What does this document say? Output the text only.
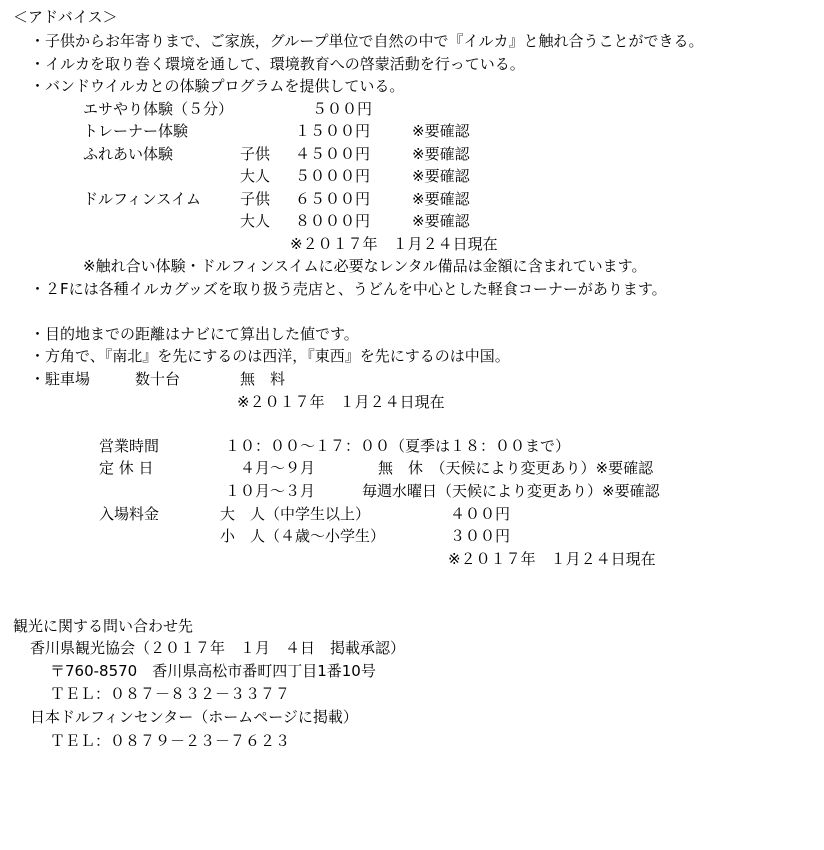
＜アドバイス＞
・子供からお年寄りまで、ご家族，グループ単位で自然の中で『イルカ』と触れ合うことができる。
・イルカを取り巻く環境を通して、環境教育への啓蒙活動を行っている。
・バンドウイルカとの体験プログラムを提供している。
エサやり体験（５分）	５００円
トレーナー体験	１５００円	※要確認
ふれあい体験	子供 ４５００円	※要確認
大人 ５０００円	※要確認
ドルフィンスイム	子供 ６５００円	※要確認
大人 ８０００円	※要確認
※２０１７年　１月２４日現在
※触れ合い体験・ドルフィンスイムに必要なレンタル備品は金額に含まれています。
・２Fには各種イルカグッズを取り扱う売店と、うどんを中心とした軽食コーナーがあります。
・目的地までの距離はナビにて算出した値です。
・方角で、『南北』を先にするのは西洋，『東西』を先にするのは中国。
・駐車場	数十台	無　料
※２０１７年　１月２４日現在
営業時間	１０：００～１７：００（夏季は１８：００まで）
定 休 日	４月～９月	無　休　（天候により変更あり）※要確認
１０月～３月	毎週水曜日（天候により変更あり）※要確認
入場料金	大　人（中学生以上）	４００円
小　人（４歳～小学生）	３００円
※２０１７年　１月２４日現在
観光に関する問い合わせ先
香川県観光協会（２０１７年　１月　４日　掲載承認）
〒760-8570　香川県高松市番町四丁目1番10号
ＴＥＬ：０８７－８３２－３３７７
日本ドルフィンセンター（ホームページに掲載）
ＴＥＬ：０８７９－２３－７６２３
